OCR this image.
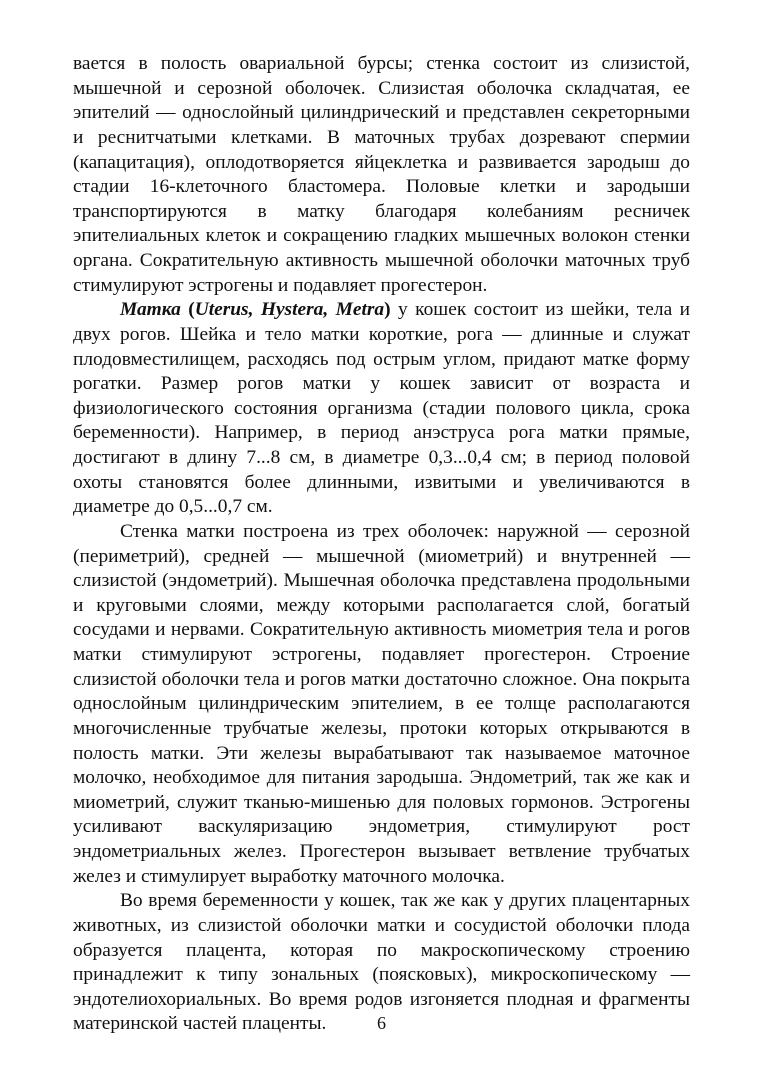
вается в полость овариальной бурсы; стенка состоит из слизистой, мышечной и серозной оболочек. Слизистая оболочка складчатая, ее эпителий — однослойный цилиндрический и представлен секреторными и реснитчатыми клетками. В маточных трубах дозревают спермии (капацитация), оплодотворяется яйцеклетка и развивается зародыш до стадии 16-клеточного бластомера. Половые клетки и зародыши транспортируются в матку благодаря колебаниям ресничек эпителиальных клеток и сокращению гладких мышечных волокон стенки органа. Сократительную активность мышечной оболочки маточных труб стимулируют эстрогены и подавляет прогестерон.

Матка (Uterus, Hystera, Metra) у кошек состоит из шейки, тела и двух рогов. Шейка и тело матки короткие, рога — длинные и служат плодовместилищем, расходясь под острым углом, придают матке форму рогатки. Размер рогов матки у кошек зависит от возраста и физиологического состояния организма (стадии полового цикла, срока беременности). Например, в период анэструса рога матки прямые, достигают в длину 7...8 см, в диаметре 0,3...0,4 см; в период половой охоты становятся более длинными, извитыми и увеличиваются в диаметре до 0,5...0,7 см.

Стенка матки построена из трех оболочек: наружной — серозной (периметрий), средней — мышечной (миометрий) и внутренней — слизистой (эндометрий). Мышечная оболочка представлена продольными и круговыми слоями, между которыми располагается слой, богатый сосудами и нервами. Сократительную активность миометрия тела и рогов матки стимулируют эстрогены, подавляет прогестерон. Строение слизистой оболочки тела и рогов матки достаточно сложное. Она покрыта однослойным цилиндрическим эпителием, в ее толще располагаются многочисленные трубчатые железы, протоки которых открываются в полость матки. Эти железы вырабатывают так называемое маточное молочко, необходимое для питания зародыша. Эндометрий, так же как и миометрий, служит тканью-мишенью для половых гормонов. Эстрогены усиливают васкуляризацию эндометрия, стимулируют рост эндометриальных желез. Прогестерон вызывает ветвление трубчатых желез и стимулирует выработку маточного молочка.

Во время беременности у кошек, так же как у других плацентарных животных, из слизистой оболочки матки и сосудистой оболочки плода образуется плацента, которая по макроскопическому строению принадлежит к типу зональных (поясковых), микроскопическому — эндотелиохориальных. Во время родов изгоняется плодная и фрагменты материнской частей плаценты.	6
